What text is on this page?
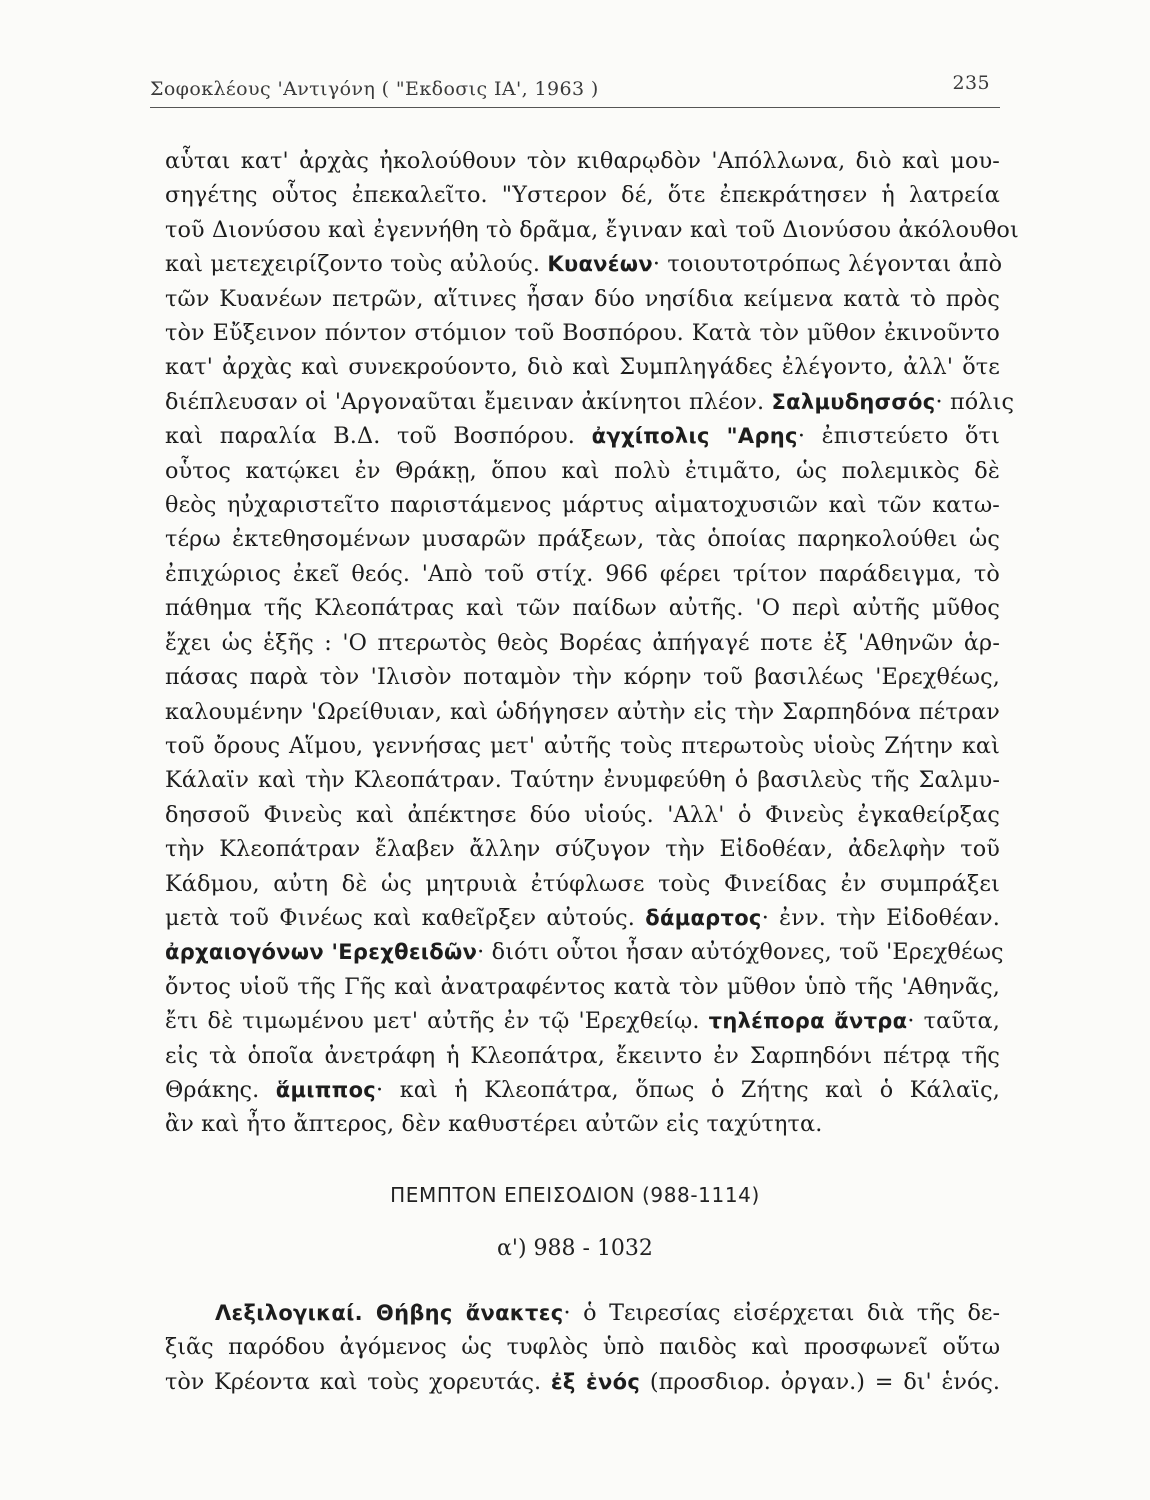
Σοφοκλέους 'Αντιγόνη ( "Εκδοσις ΙΑ', 1963 )	235
αὗται κατ' ἀρχὰς ἠκολούθουν τὸν κιθαρῳδὸν 'Απόλλωνα, διὸ καὶ μου-
σηγέτης οὗτος ἐπεκαλεῖτο. "Υστερον δέ, ὅτε ἐπεκράτησεν ἡ λατρεία
τοῦ Διονύσου καὶ ἐγεννήθη τὸ δρᾶμα, ἔγιναν καὶ τοῦ Διονύσου ἀκόλουθοι
καὶ μετεχειρίζοντο τοὺς αὐλούς. Κυανέων· τοιουτοτρόπως λέγονται ἀπὸ
τῶν Κυανέων πετρῶν, αἵτινες ἦσαν δύο νησίδια κείμενα κατὰ τὸ πρὸς
τὸν Εὔξεινον πόντον στόμιον τοῦ Βοσπόρου. Κατὰ τὸν μῦθον ἐκινοῦντο
κατ' ἀρχὰς καὶ συνεκρούοντο, διὸ καὶ Συμπληγάδες ἐλέγοντο, ἀλλ' ὅτε
διέπλευσαν οἱ 'Αργοναῦται ἔμειναν ἀκίνητοι πλέον. Σαλμυδησσός· πόλις
καὶ παραλία Β.Δ. τοῦ Βοσπόρου. ἀγχίπολις "Αρης· ἐπιστεύετο ὅτι
οὗτος κατῴκει ἐν Θράκῃ, ὅπου καὶ πολὺ ἐτιμᾶτο, ὡς πολεμικὸς δὲ
θεὸς ηὐχαριστεῖτο παριστάμενος μάρτυς αἱματοχυσιῶν καὶ τῶν κατω-
τέρω ἐκτεθησομένων μυσαρῶν πράξεων, τὰς ὁποίας παρηκολούθει ὡς
ἐπιχώριος ἐκεῖ θεός. 'Απὸ τοῦ στίχ. 966 φέρει τρίτον παράδειγμα, τὸ
πάθημα τῆς Κλεοπάτρας καὶ τῶν παίδων αὐτῆς. 'Ο περὶ αὐτῆς μῦθος
ἔχει ὡς ἑξῆς : 'Ο πτερωτὸς θεὸς Βορέας ἀπήγαγέ ποτε ἐξ 'Αθηνῶν ἁρ-
πάσας παρὰ τὸν 'Ιλισὸν ποταμὸν τὴν κόρην τοῦ βασιλέως 'Ερεχθέως,
καλουμένην 'Ωρείθυιαν, καὶ ὡδήγησεν αὐτὴν εἰς τὴν Σαρπηδόνα πέτραν
τοῦ ὄρους Αἵμου, γεννήσας μετ' αὐτῆς τοὺς πτερωτοὺς υἱοὺς Ζήτην καὶ
Κάλαϊν καὶ τὴν Κλεοπάτραν. Ταύτην ἐνυμφεύθη ὁ βασιλεὺς τῆς Σαλμυ-
δησσοῦ Φινεὺς καὶ ἀπέκτησε δύο υἱούς. 'Αλλ' ὁ Φινεὺς ἐγκαθείρξας
τὴν Κλεοπάτραν ἔλαβεν ἄλλην σύζυγον τὴν Εἰδοθέαν, ἀδελφὴν τοῦ
Κάδμου, αὐτη δὲ ὡς μητρυιὰ ἐτύφλωσε τοὺς Φινείδας ἐν συμπράξει
μετὰ τοῦ Φινέως καὶ καθεῖρξεν αὐτούς. δάμαρτος· ἐνν. τὴν Εἰδοθέαν.
ἀρχαιογόνων 'Ερεχθειδῶν· διότι οὗτοι ἦσαν αὐτόχθονες, τοῦ 'Ερεχθέως
ὄντος υἱοῦ τῆς Γῆς καὶ ἀνατραφέντος κατὰ τὸν μῦθον ὑπὸ τῆς 'Αθηνᾶς,
ἔτι δὲ τιμωμένου μετ' αὐτῆς ἐν τῷ 'Ερεχθείῳ. τηλέπορα ἄντρα· ταῦτα,
εἰς τὰ ὁποῖα ἀνετράφη ἡ Κλεοπάτρα, ἔκειντο ἐν Σαρπηδόνι πέτρᾳ τῆς
Θράκης. ἅμιππος· καὶ ἡ Κλεοπάτρα, ὅπως ὁ Ζήτης καὶ ὁ Κάλαϊς,
ἂν καὶ ἦτο ἄπτερος, δὲν καθυστέρει αὐτῶν εἰς ταχύτητα.
ΠΕΜΠΤΟΝ ΕΠΕΙΣΟΔΙΟΝ (988-1114)
α') 988 - 1032
Λεξιλογικαί. Θήβης ἄνακτες· ὁ Τειρεσίας εἰσέρχεται διὰ τῆς δε-
ξιᾶς παρόδου ἀγόμενος ὡς τυφλὸς ὑπὸ παιδὸς καὶ προσφωνεῖ οὕτω
τὸν Κρέοντα καὶ τοὺς χορευτάς. ἐξ ἑνός (προσδιορ. ὀργαν.) = δι' ἑνός.
